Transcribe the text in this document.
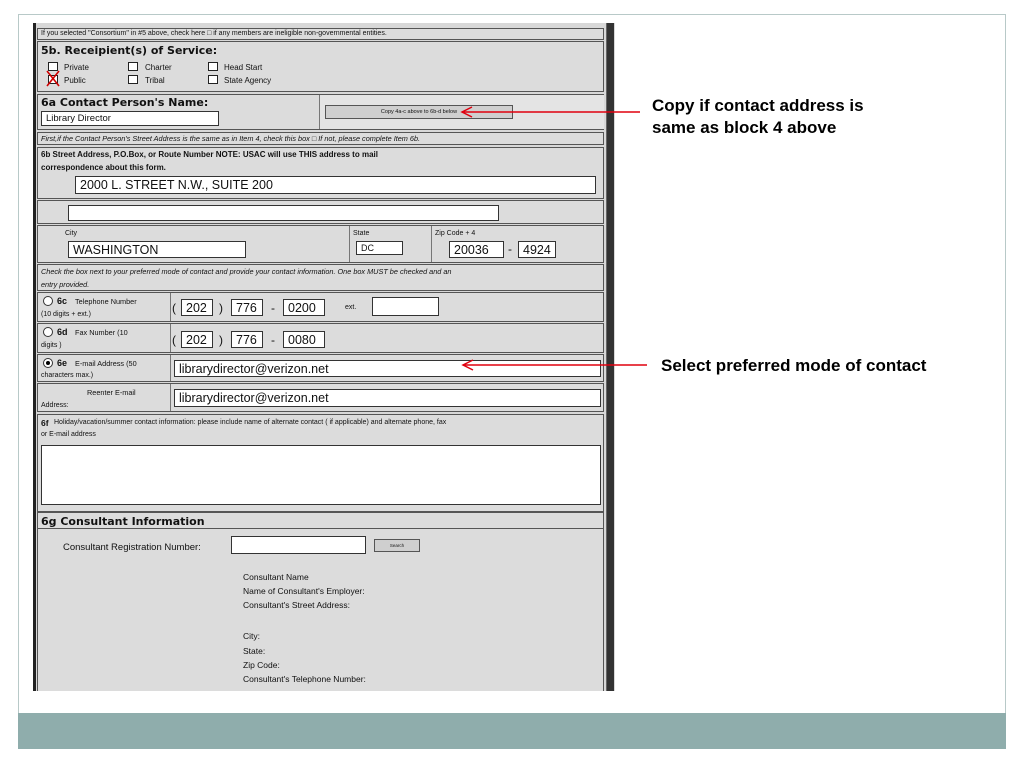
If you selected "Consortium" in #5 above, check here □ if any members are ineligible non-governmental entities.
5b. Receipient(s) of Service:
Private	Charter	Head Start
Public	Tribal	State Agency
6a Contact Person's Name:
Library Director
Copy 4a-c above to 6b-d below
First,if the Contact Person's Street Address is the same as in Item 4, check this box □ If not, please complete Item 6b.
6b Street Address, P.O.Box, or Route Number NOTE: USAC will use THIS address to mail
correspondence about this form.
2000 L. STREET N.W., SUITE 200
City
WASHINGTON
State
DC
Zip Code + 4
20036	- 4924
Check the box next to your preferred mode of contact and provide your contact information. One box MUST be checked and an
entry provided.
6c Telephone Number
(10 digits + ext.)	( 202	)	776	-	0200	ext.
6d Fax Number (10
digits )	( 202	)	776	-	0080
6e E-mail Address (50
characters max.)	librarydirector@verizon.net
Reenter E-mail
Address:
librarydirector@verizon.net
6f Holiday/vacation/summer contact information: please include name of alternate contact ( if applicable) and alternate phone, fax
or E-mail address
6g Consultant Information
Consultant Registration Number:	Search
Consultant Name
Name of Consultant's Employer:
Consultant's Street Address:
City:
State:
Zip Code:
Consultant's Telephone Number:
Copy if contact address is
same as block 4 above
Select preferred mode of contact
